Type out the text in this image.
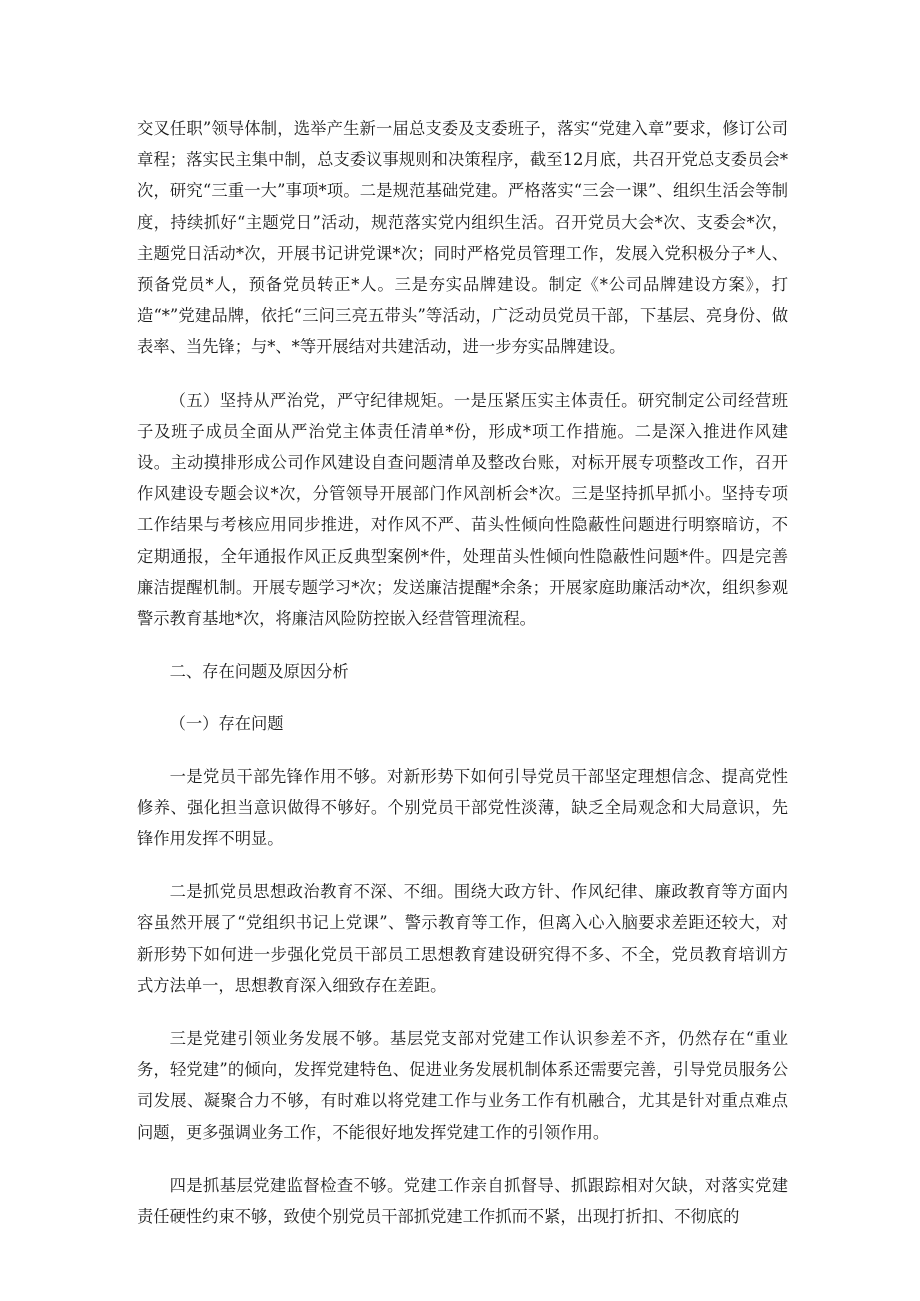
交叉任职”领导体制，选举产生新一届总支委及支委班子，落实“党建入章”要求，修订公司章程；落实民主集中制，总支委议事规则和决策程序，截至12月底，共召开党总支委员会*次，研究“三重一大”事项*项。二是规范基础党建。严格落实“三会一课”、组织生活会等制度，持续抓好“主题党日”活动，规范落实党内组织生活。召开党员大会*次、支委会*次，主题党日活动*次，开展书记讲党课*次；同时严格党员管理工作，发展入党积极分子*人、预备党员*人，预备党员转正*人。三是夯实品牌建设。制定《*公司品牌建设方案》，打造“*”党建品牌，依托“三问三亮五带头”等活动，广泛动员党员干部，下基层、亮身份、做表率、当先锋；与*、*等开展结对共建活动，进一步夯实品牌建设。

（五）坚持从严治党，严守纪律规矩。一是压紧压实主体责任。研究制定公司经营班子及班子成员全面从严治党主体责任清单*份，形成*项工作措施。二是深入推进作风建设。主动摸排形成公司作风建设自查问题清单及整改台账，对标开展专项整改工作，召开作风建设专题会议*次，分管领导开展部门作风剖析会*次。三是坚持抓早抓小。坚持专项工作结果与考核应用同步推进，对作风不严、苗头性倾向性隐蔽性问题进行明察暗访，不定期通报，全年通报作风正反典型案例*件，处理苗头性倾向性隐蔽性问题*件。四是完善廉洁提醒机制。开展专题学习*次；发送廉洁提醒*余条；开展家庭助廉活动*次，组织参观警示教育基地*次，将廉洁风险防控嵌入经营管理流程。

二、存在问题及原因分析

（一）存在问题

一是党员干部先锋作用不够。对新形势下如何引导党员干部坚定理想信念、提高党性修养、强化担当意识做得不够好。个别党员干部党性淡薄，缺乏全局观念和大局意识，先锋作用发挥不明显。

二是抓党员思想政治教育不深、不细。围绕大政方针、作风纪律、廉政教育等方面内容虽然开展了“党组织书记上党课”、警示教育等工作，但离入心入脑要求差距还较大，对新形势下如何进一步强化党员干部员工思想教育建设研究得不多、不全，党员教育培训方式方法单一，思想教育深入细致存在差距。

三是党建引领业务发展不够。基层党支部对党建工作认识参差不齐，仍然存在“重业务，轻党建”的倾向，发挥党建特色、促进业务发展机制体系还需要完善，引导党员服务公司发展、凝聚合力不够，有时难以将党建工作与业务工作有机融合，尤其是针对重点难点问题，更多强调业务工作，不能很好地发挥党建工作的引领作用。

四是抓基层党建监督检查不够。党建工作亲自抓督导、抓跟踪相对欠缺，对落实党建责任硬性约束不够，致使个别党员干部抓党建工作抓而不紧，出现打折扣、不彻底的
